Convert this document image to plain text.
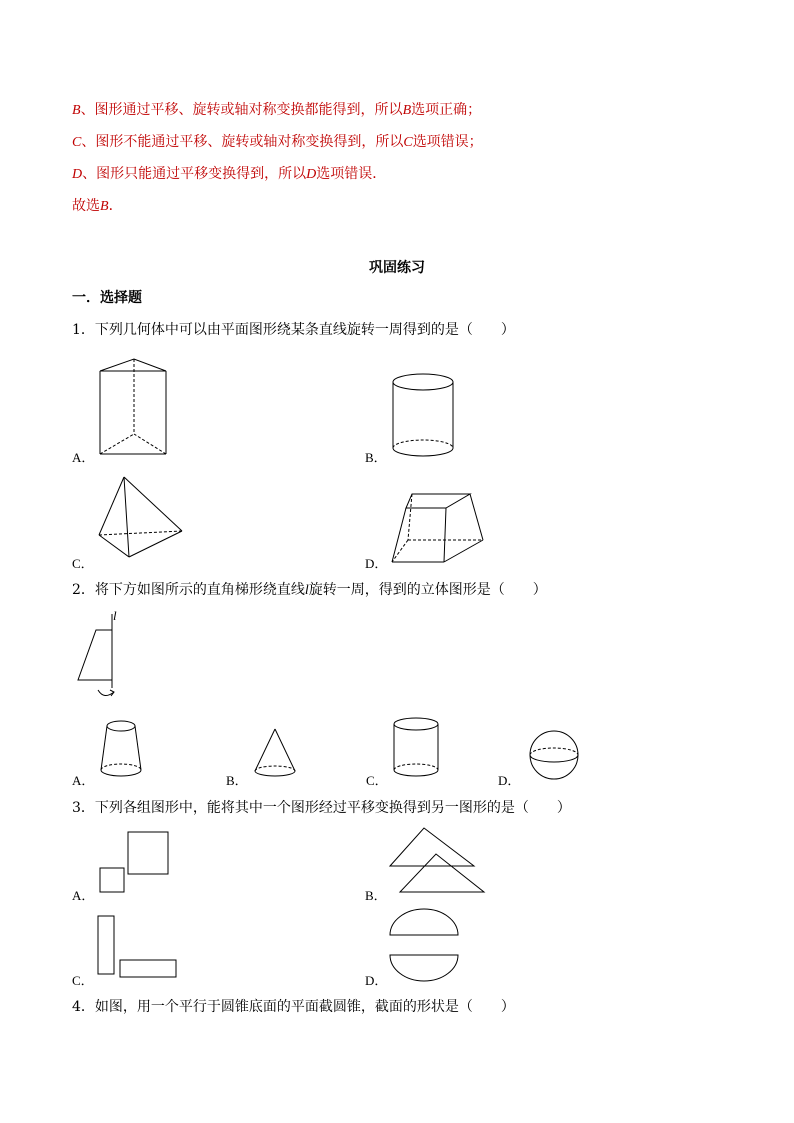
B、图形通过平移、旋转或轴对称变换都能得到，所以B选项正确；
C、图形不能通过平移、旋转或轴对称变换得到，所以C选项错误；
D、图形只能通过平移变换得到，所以D选项错误．
故选B．
巩固练习
一．选择题
1．下列几何体中可以由平面图形绕某条直线旋转一周得到的是（　　）
A．	B．
C．	D．
2．将下方如图所示的直角梯形绕直线l旋转一周，得到的立体图形是（　　）
l
A．	B．	C．	D．
3．下列各组图形中，能将其中一个图形经过平移变换得到另一图形的是（　　）
A．	B．
C．	D．
4．如图，用一个平行于圆锥底面的平面截圆锥，截面的形状是（　　）
